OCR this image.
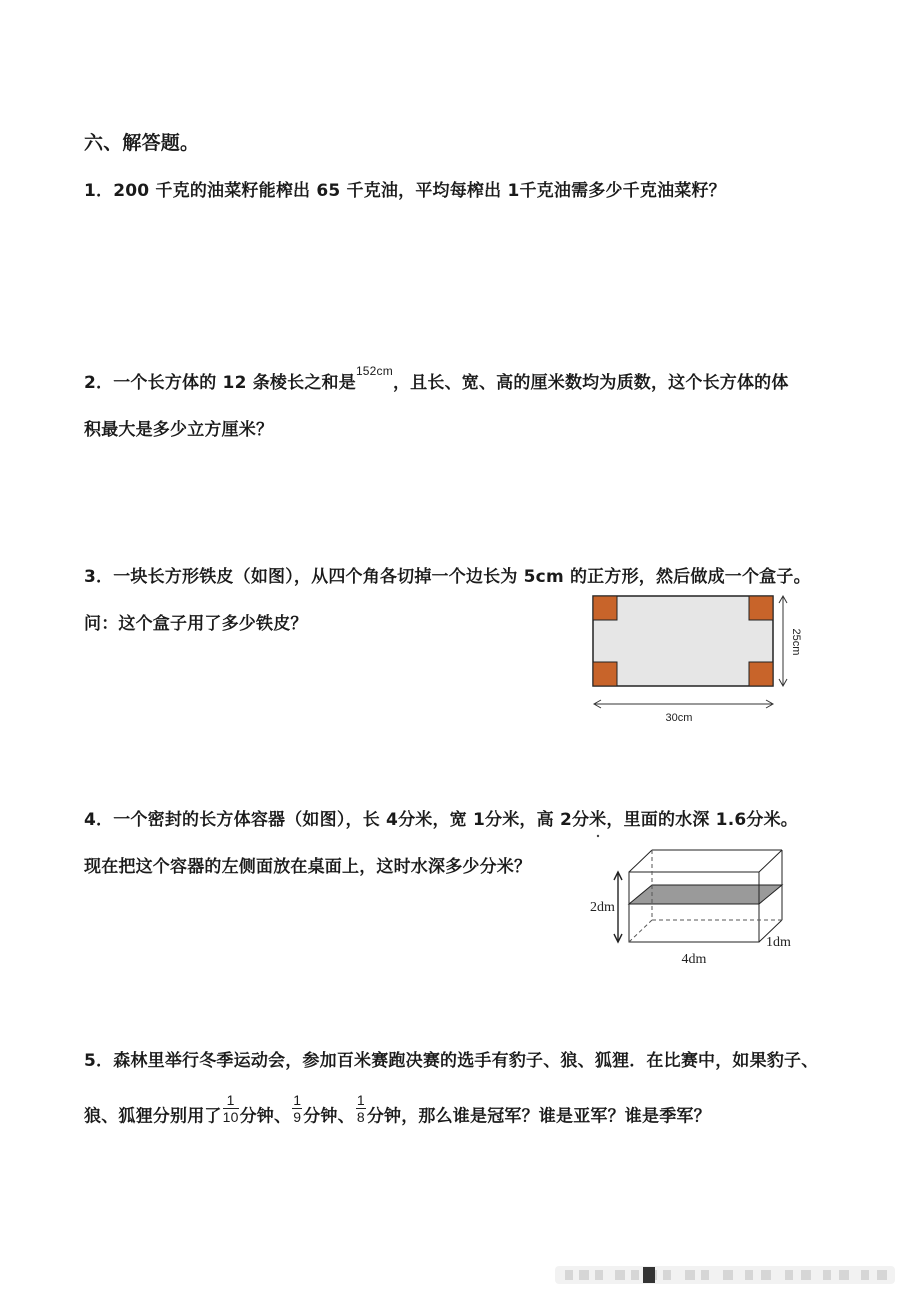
六、解答题。
1．200 千克的油菜籽能榨出 65 千克油，平均每榨出 1千克油需多少千克油菜籽？
2．一个长方体的 12 条棱长之和是$^{152cm}$，且长、宽、高的厘米数均为质数，这个长方体的体
积最大是多少立方厘米？
3．一块长方形铁皮（如图），从四个角各切掉一个边长为 5cm 的正方形，然后做成一个盒子。
问：这个盒子用了多少铁皮？
30cm
25cm
4．一个密封的长方体容器（如图），长 4分米，宽 1分米，高 2分米，里面的水深 1.6分米。
现在把这个容器的左侧面放在桌面上，这时水深多少分米？
2dm
4dm
1dm
5．森林里举行冬季运动会，参加百米赛跑决赛的选手有豹子、狼、狐狸．在比赛中，如果豹子、
狼、狐狸分别用了 $\frac{1}{10}$ 分钟、 $\frac{1}{9}$ 分钟、 $\frac{1}{8}$ 分钟，那么谁是冠军？谁是亚军？谁是季军？
